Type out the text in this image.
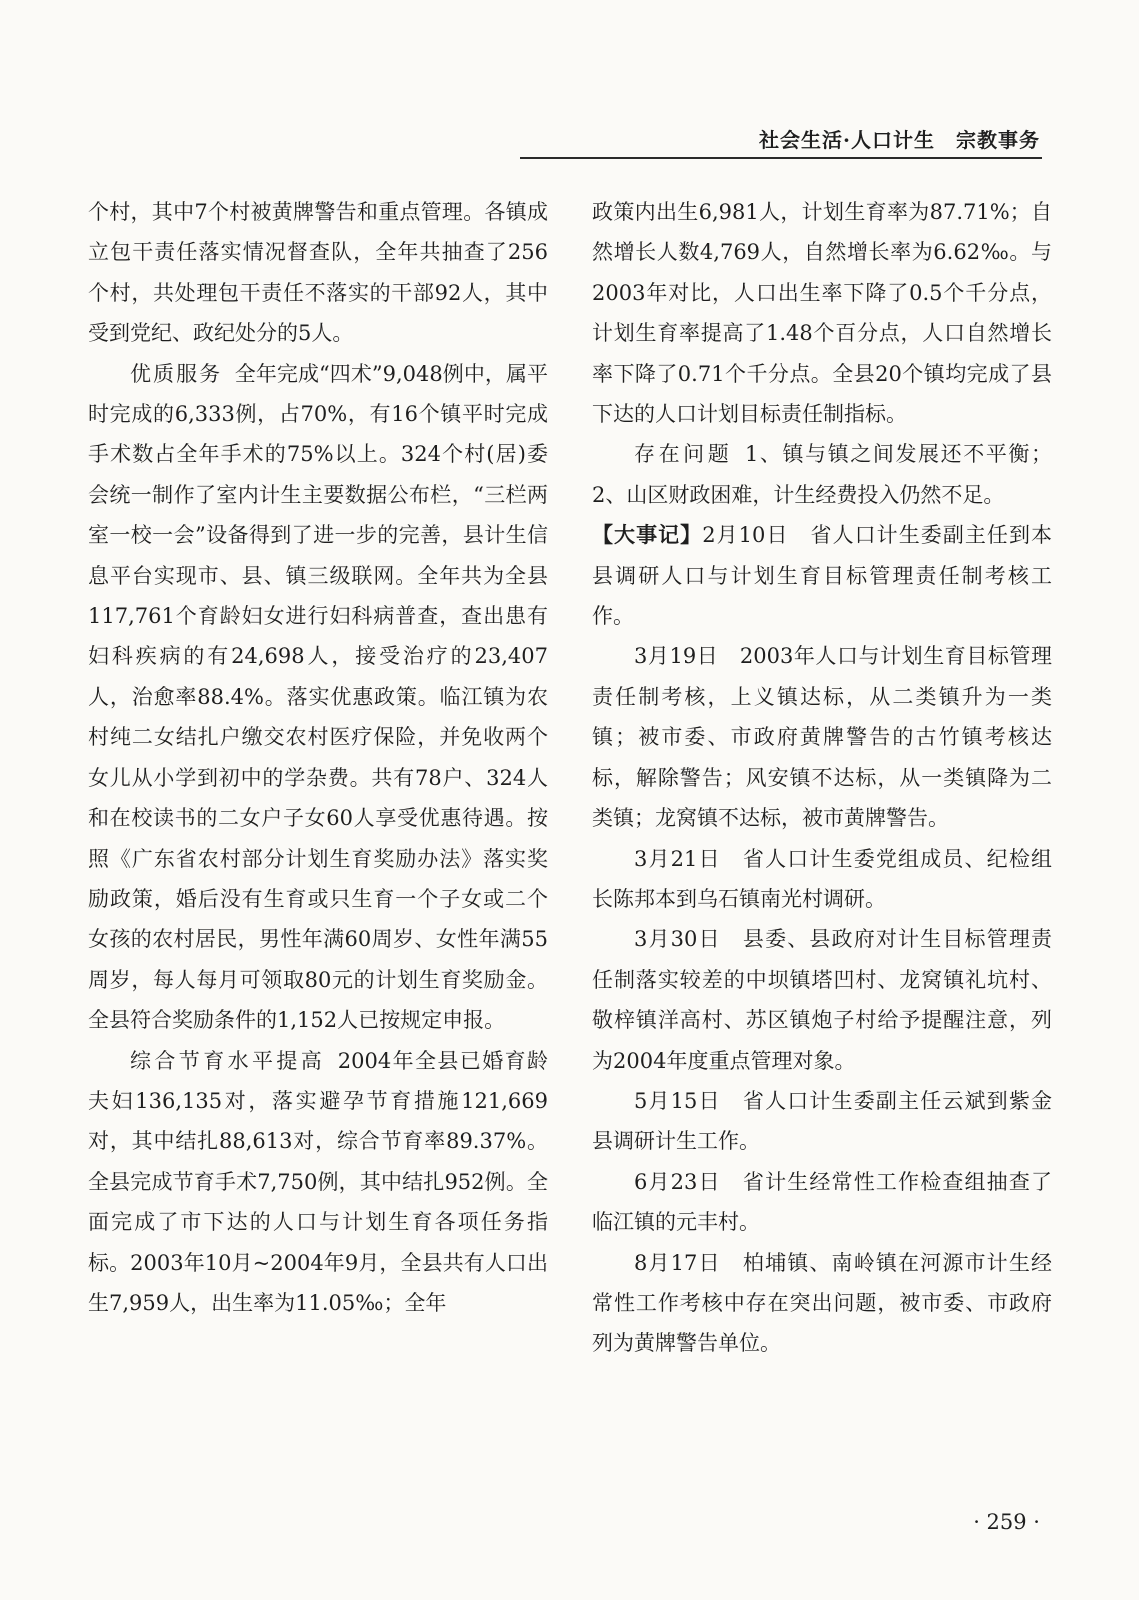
社会生活·人口计生　宗教事务

个村，其中7个村被黄牌警告和重点管理。各镇成立包干责任落实情况督查队，全年共抽查了256个村，共处理包干责任不落实的干部92人，其中受到党纪、政纪处分的5人。

优质服务 全年完成“四术”9,048例中，属平时完成的6,333例，占70%，有16个镇平时完成手术数占全年手术的75%以上。324个村(居)委会统一制作了室内计生主要数据公布栏，“三栏两室一校一会”设备得到了进一步的完善，县计生信息平台实现市、县、镇三级联网。全年共为全县117,761个育龄妇女进行妇科病普查，查出患有妇科疾病的有24,698人，接受治疗的23,407人，治愈率88.4%。落实优惠政策。临江镇为农村纯二女结扎户缴交农村医疗保险，并免收两个女儿从小学到初中的学杂费。共有78户、324人和在校读书的二女户子女60人享受优惠待遇。按照《广东省农村部分计划生育奖励办法》落实奖励政策，婚后没有生育或只生育一个子女或二个女孩的农村居民，男性年满60周岁、女性年满55周岁，每人每月可领取80元的计划生育奖励金。全县符合奖励条件的1,152人已按规定申报。

综合节育水平提高 2004年全县已婚育龄夫妇136,135对，落实避孕节育措施121,669对，其中结扎88,613对，综合节育率89.37%。全县完成节育手术7,750例，其中结扎952例。全面完成了市下达的人口与计划生育各项任务指标。2003年10月~2004年9月，全县共有人口出生7,959人，出生率为11.05‰；全年

政策内出生6,981人，计划生育率为87.71%；自然增长人数4,769人，自然增长率为6.62‰。与2003年对比，人口出生率下降了0.5个千分点，计划生育率提高了1.48个百分点，人口自然增长率下降了0.71个千分点。全县20个镇均完成了县下达的人口计划目标责任制指标。

存在问题 1、镇与镇之间发展还不平衡；2、山区财政困难，计生经费投入仍然不足。

【大事记】2月10日　 省人口计生委副主任到本县调研人口与计划生育目标管理责任制考核工作。

3月19日　 2003年人口与计划生育目标管理责任制考核，上义镇达标，从二类镇升为一类镇；被市委、市政府黄牌警告的古竹镇考核达标，解除警告；风安镇不达标，从一类镇降为二类镇；龙窝镇不达标，被市黄牌警告。

3月21日　 省人口计生委党组成员、纪检组长陈邦本到乌石镇南光村调研。

3月30日　 县委、县政府对计生目标管理责任制落实较差的中坝镇塔凹村、龙窝镇礼坑村、敬梓镇洋高村、苏区镇炮子村给予提醒注意，列为2004年度重点管理对象。

5月15日　 省人口计生委副主任云斌到紫金县调研计生工作。

6月23日　 省计生经常性工作检查组抽查了临江镇的元丰村。

8月17日　 柏埔镇、南岭镇在河源市计生经常性工作考核中存在突出问题，被市委、市政府列为黄牌警告单位。

· 259 ·
